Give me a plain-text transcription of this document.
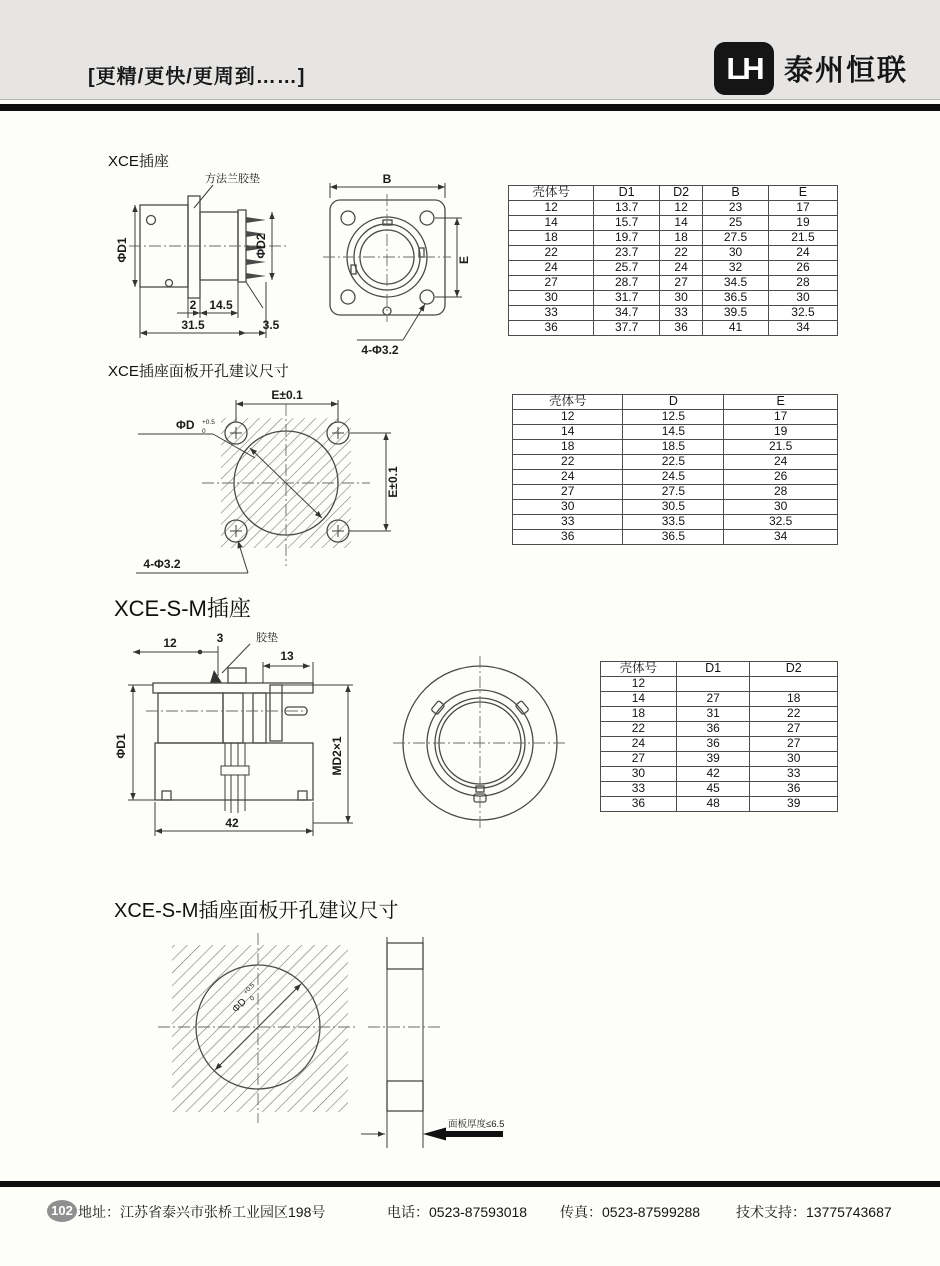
[更精/更快/更周到……]	LH 泰州恒联
XCE插座
方法兰胶垫
ΦD1	ΦD2
2 14.5
31.5	3.5
B
E
4-Φ3.2
壳体号	D1	D2	B	E
12	13.7	12	23	17
14	15.7	14	25	19
18	19.7	18	27.5	21.5
22	23.7	22	30	24
24	25.7	24	32	26
27	28.7	27	34.5	28
30	31.7	30	36.5	30
33	34.7	33	39.5	32.5
36	37.7	36	41	34
XCE插座面板开孔建议尺寸
E±0.1
E±0.1
ΦD +0.5
0
4-Φ3.2
壳体号	D	E
12	12.5	17
14	14.5	19
18	18.5	21.5
22	22.5	24
24	24.5	26
27	27.5	28
30	30.5	30
33	33.5	32.5
36	36.5	34
XCE-S-M插座
12	3	胶垫
13
ΦD1	MD2×1
42
壳体号	D1	D2
12		
14	27	18
18	31	22
22	36	27
24	36	27
27	39	30
30	42	33
33	45	36
36	48	39
XCE-S-M插座面板开孔建议尺寸
ΦD
+0.5
0
面板厚度≤6.5
102 地址：江苏省泰兴市张桥工业园区198号	电话：0523-87593018 传真：0523-87599288	技术支持：13775743687
